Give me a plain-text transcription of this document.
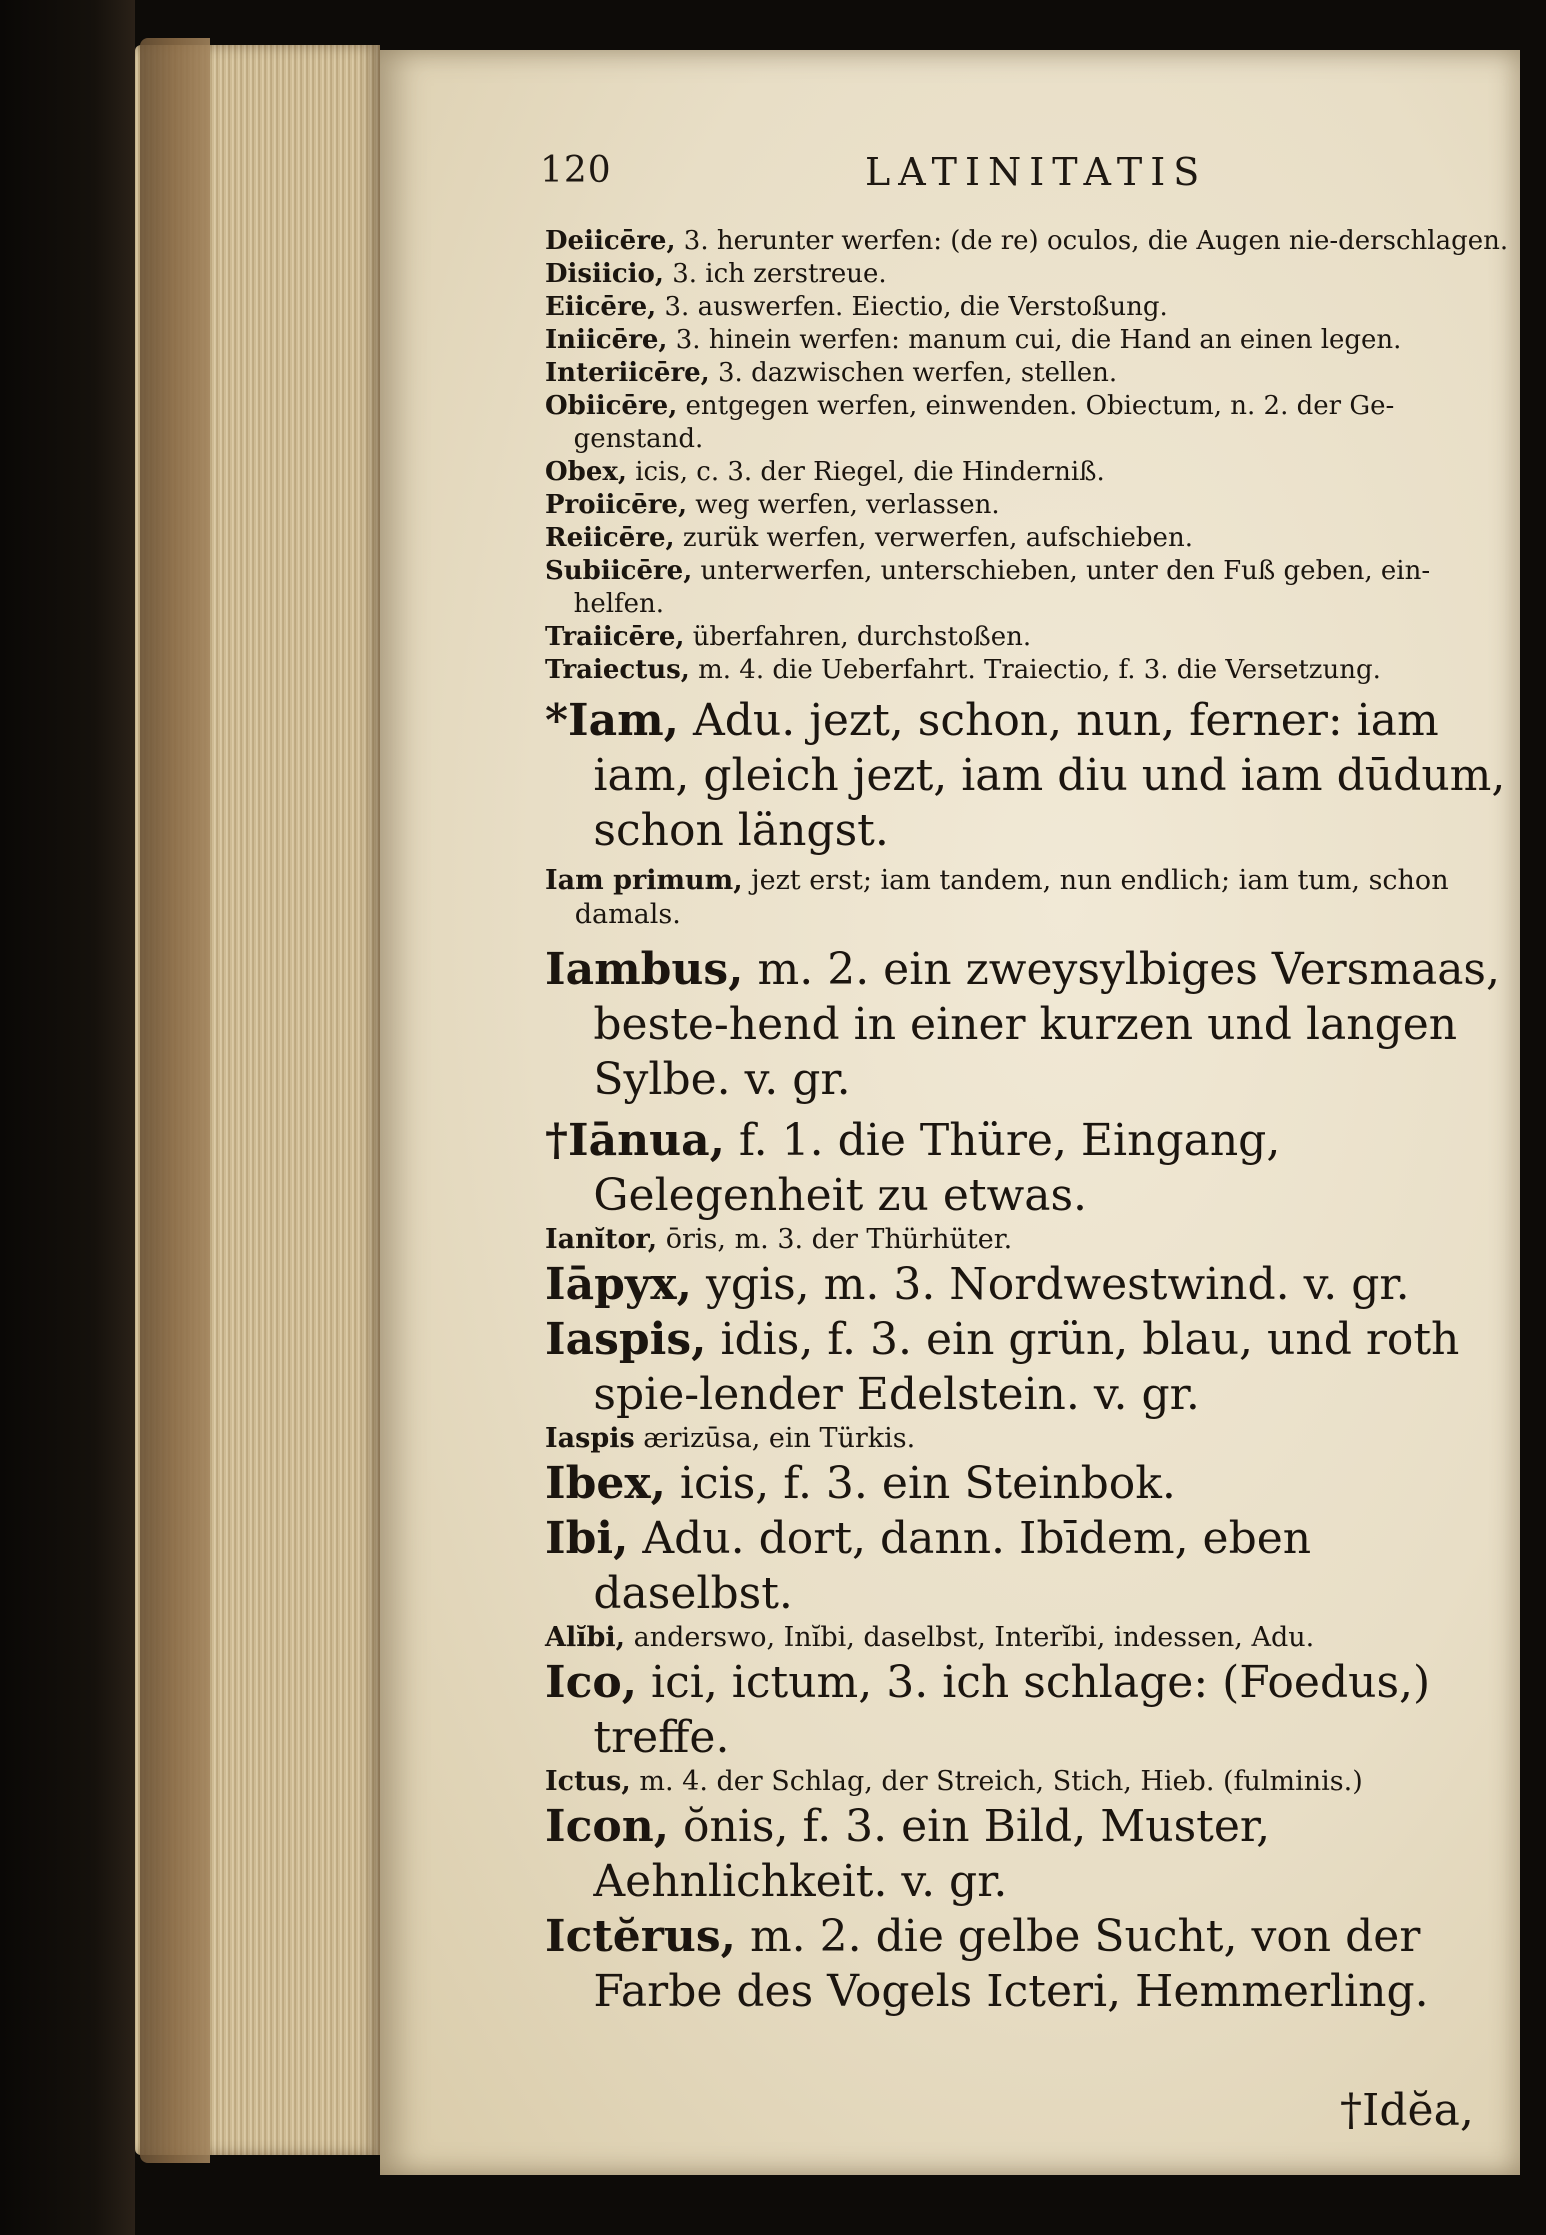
120	LATINITATIS
Deiicēre, 3. herunter werfen: (de re) oculos, die Augen nie-derschlagen.
Disiicio, 3. ich zerstreue.
Eiicēre, 3. auswerfen. Eiectio, die Verstoßung.
Iniicēre, 3. hinein werfen: manum cui, die Hand an einen legen.
Interiicēre, 3. dazwischen werfen, stellen.
Obiicēre, entgegen werfen, einwenden. Obiectum, n. 2. der Ge-genstand.
Obex, icis, c. 3. der Riegel, die Hinderniß.
Proiicēre, weg werfen, verlassen.
Reiicēre, zurük werfen, verwerfen, aufschieben.
Subiicēre, unterwerfen, unterschieben, unter den Fuß geben, ein-helfen.
Traiicēre, überfahren, durchstoßen.
Traiectus, m. 4. die Ueberfahrt. Traiectio, f. 3. die Versetzung.
*Iam, Adu. jezt, schon, nun, ferner: iam iam, gleich jezt, iam diu und iam dūdum, schon längst.
Iam primum, jezt erst; iam tandem, nun endlich; iam tum, schon damals.
Iambus, m. 2. ein zweysylbiges Versmaas, beste-hend in einer kurzen und langen Sylbe. v. gr.
†Iānua, f. 1. die Thüre, Eingang, Gelegenheit zu etwas.
Ianĭtor, ōris, m. 3. der Thürhüter.
Iāpyx, ygis, m. 3. Nordwestwind. v. gr.
Iaspis, idis, f. 3. ein grün, blau, und roth spie-lender Edelstein. v. gr.
Iaspis ærizūsa, ein Türkis.
Ibex, icis, f. 3. ein Steinbok.
Ibi, Adu. dort, dann. Ibīdem, eben daselbst.
Alĭbi, anderswo, Inĭbi, daselbst, Interĭbi, indessen, Adu.
Ico, ici, ictum, 3. ich schlage: (Foedus,) treffe.
Ictus, m. 4. der Schlag, der Streich, Stich, Hieb. (fulminis.)
Icon, ŏnis, f. 3. ein Bild, Muster, Aehnlichkeit. v. gr.
Ictĕrus, m. 2. die gelbe Sucht, von der Farbe des Vogels Icteri, Hemmerling.
†Idĕa,
